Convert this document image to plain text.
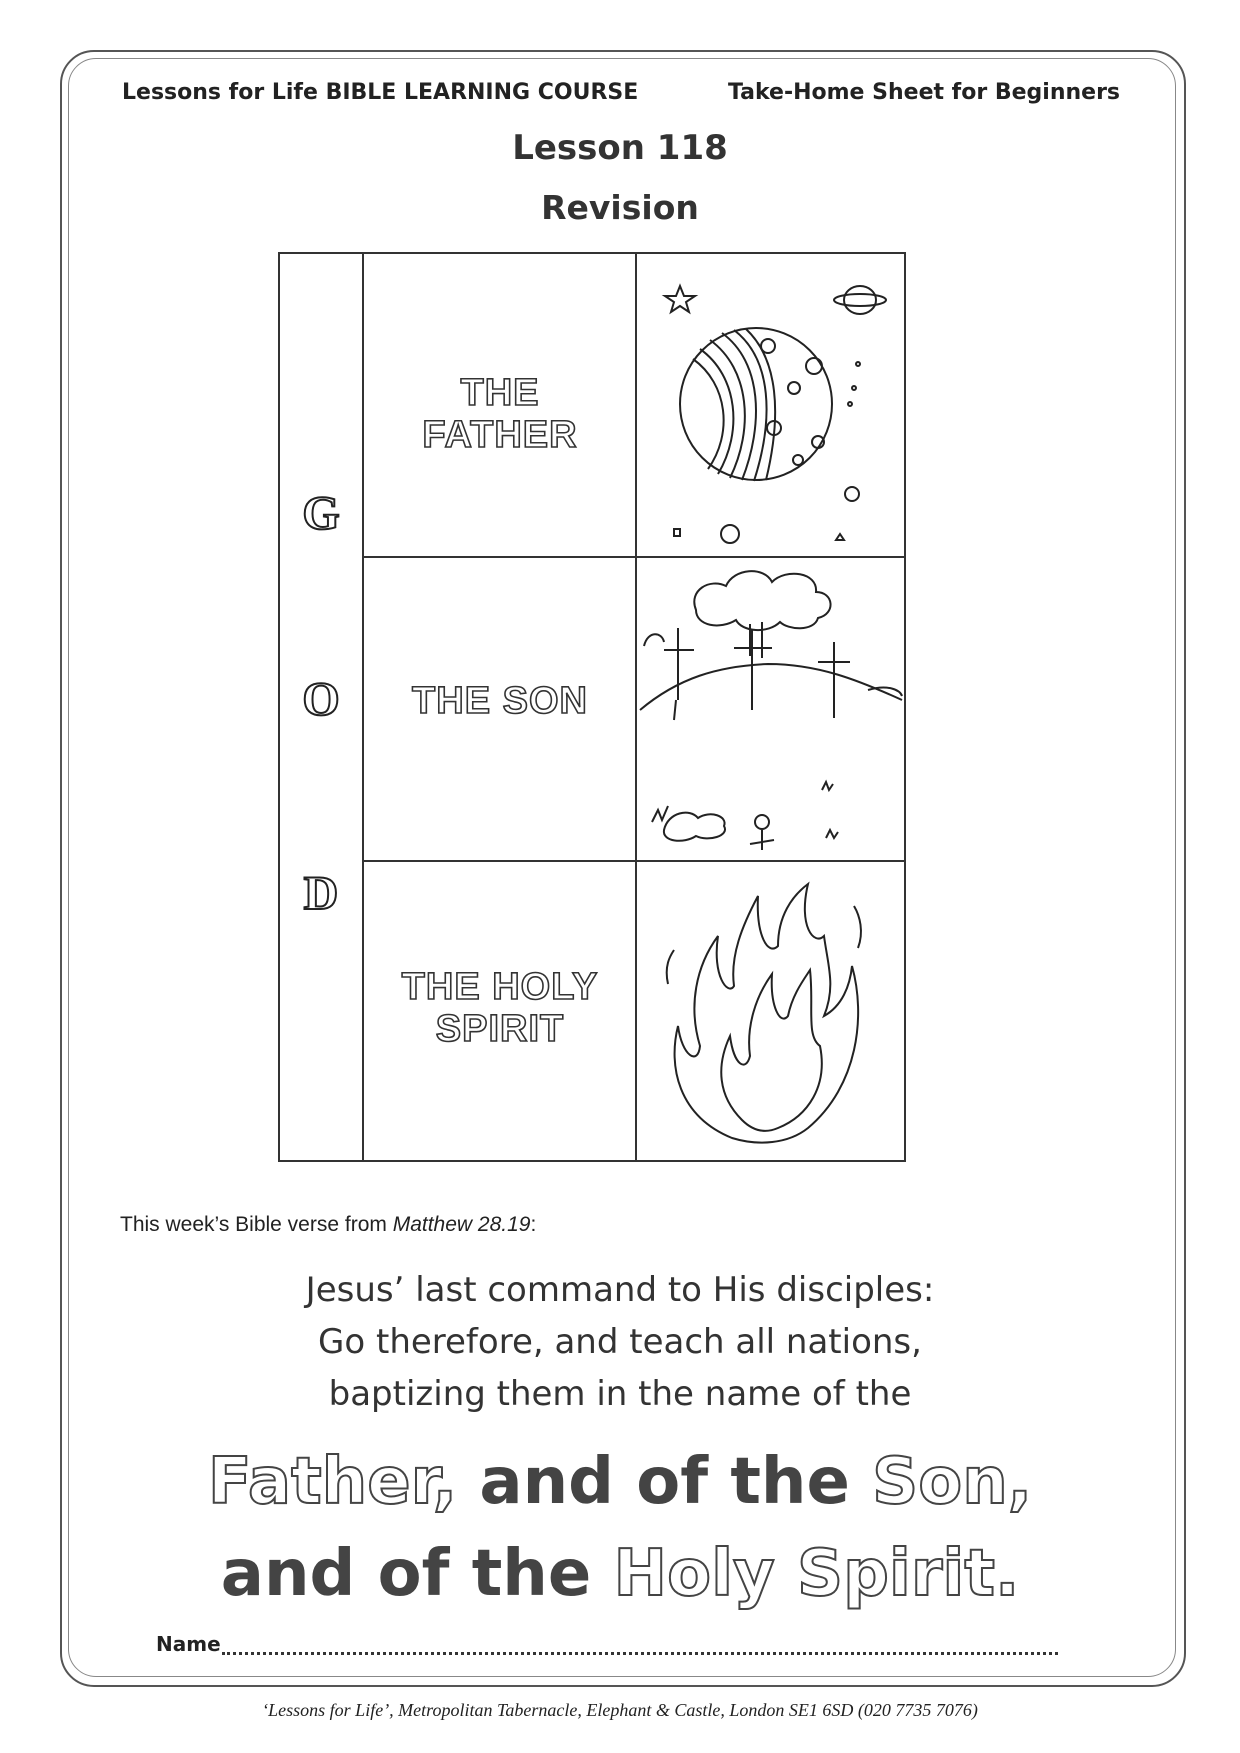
Lessons for Life BIBLE LEARNING COURSE	Take-Home Sheet for Beginners
Lesson 118
Revision
G
O
D
THE
FATHER
THE SON
THE HOLY
SPIRIT
This week’s Bible verse from Matthew 28.19:
Jesus’ last command to His disciples:
Go therefore, and teach all nations,
baptizing them in the name of the
Father, and of the Son,
and of the Holy Spirit.
Name
‘Lessons for Life’, Metropolitan Tabernacle, Elephant & Castle, London SE1 6SD (020 7735 7076)
